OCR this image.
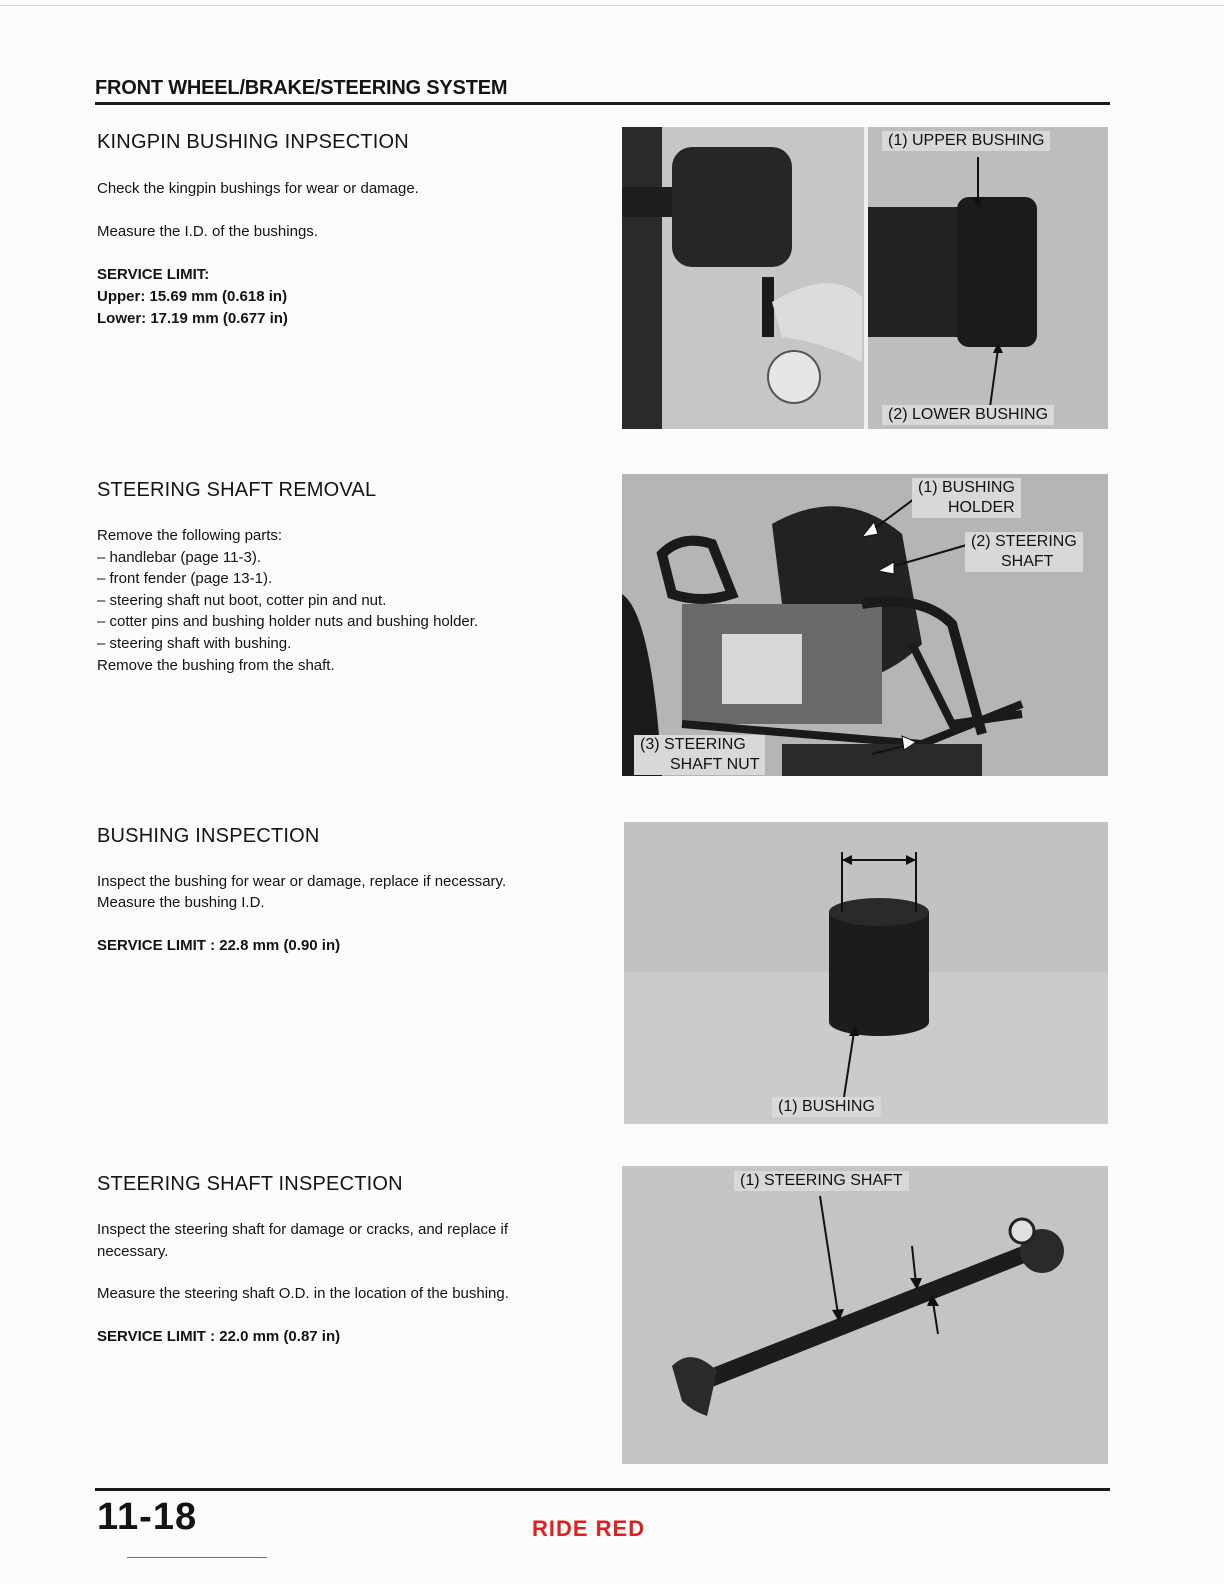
FRONT WHEEL/BRAKE/STEERING SYSTEM
KINGPIN BUSHING INPSECTION
Check the kingpin bushings for wear or damage.
Measure the I.D. of the bushings.
SERVICE LIMIT:
Upper: 15.69 mm (0.618 in)
Lower: 17.19 mm (0.677 in)
(1) UPPER BUSHING
(2) LOWER BUSHING
STEERING SHAFT REMOVAL
Remove the following parts:
– handlebar (page 11-3).
– front fender (page 13-1).
– steering shaft nut boot, cotter pin and nut.
– cotter pins and bushing holder nuts and bushing holder.
– steering shaft with bushing.
Remove the bushing from the shaft.
(1) BUSHING
HOLDER
(2) STEERING
SHAFT
(3) STEERING
SHAFT NUT
BUSHING INSPECTION
Inspect the bushing for wear or damage, replace if necessary.
Measure the bushing I.D.
SERVICE LIMIT : 22.8 mm (0.90 in)
(1) BUSHING
STEERING SHAFT INSPECTION
Inspect the steering shaft for damage or cracks, and replace if
necessary.
Measure the steering shaft O.D. in the location of the bushing.
SERVICE LIMIT : 22.0 mm (0.87 in)
(1) STEERING SHAFT
11-18	RIDE RED
